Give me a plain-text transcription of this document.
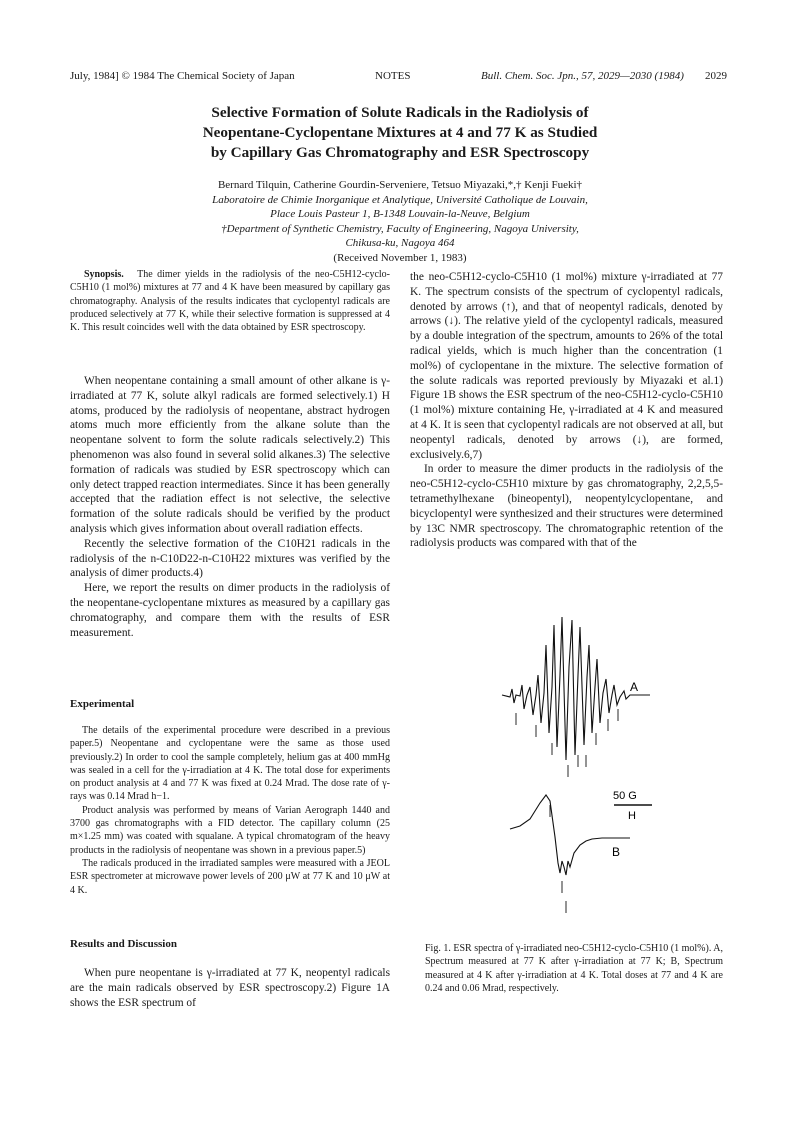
July, 1984] © 1984 The Chemical Society of Japan	NOTES	Bull. Chem. Soc. Jpn., 57, 2029—2030 (1984) 2029
Selective Formation of Solute Radicals in the Radiolysis of
Neopentane-Cyclopentane Mixtures at 4 and 77 K as Studied
by Capillary Gas Chromatography and ESR Spectroscopy
Bernard Tilquin, Catherine Gourdin-Serveniere, Tetsuo Miyazaki,*,† Kenji Fueki†
Laboratoire de Chimie Inorganique et Analytique, Université Catholique de Louvain,
Place Louis Pasteur 1, B-1348 Louvain-la-Neuve, Belgium
†Department of Synthetic Chemistry, Faculty of Engineering, Nagoya University,
Chikusa-ku, Nagoya 464
(Received November 1, 1983)

Synopsis. The dimer yields in the radiolysis of the neo-C5H12-cyclo-C5H10 (1 mol%) mixtures at 77 and 4 K have been measured by capillary gas chromatography. Analysis of the results indicates that cyclopentyl radicals are produced selectively at 77 K, while their selective formation is suppressed at 4 K. This result coincides well with the data obtained by ESR spectroscopy.

When neopentane containing a small amount of other alkane is γ-irradiated at 77 K, solute alkyl radicals are formed selectively.1) H atoms, produced by the radiolysis of neopentane, abstract hydrogen atoms much more efficiently from the alkane solute than the neopentane solvent to form the solute radicals selectively.2) This phenomenon was also found in several solid alkanes.3) The selective formation of radicals was studied by ESR spectroscopy which can only detect trapped reaction intermediates. Since it has been generally accepted that the radiation effect is not selective, the selective formation of the solute radicals should be verified by the product analysis which gives information about overall radiation effects.

Recently the selective formation of the C10H21 radicals in the radiolysis of the n-C10D22-n-C10H22 mixtures was verified by the analysis of dimer products.4)

Here, we report the results on dimer products in the radiolysis of the neopentane-cyclopentane mixtures as measured by a capillary gas chromatography, and compare them with the results of ESR measurement.

Experimental

The details of the experimental procedure were described in a previous paper.5) Neopentane and cyclopentane were the same as those used previously.2) In order to cool the sample completely, helium gas at 400 mmHg was sealed in a cell for the γ-irradiation at 4 K. The total dose for experiments on product analysis at 4 and 77 K was fixed at 0.24 Mrad. The dose rate of γ-rays was 0.14 Mrad h−1.

Product analysis was performed by means of Varian Aerograph 1440 and 3700 gas chromatographs with a FID detector. The capillary column (25 m×1.25 mm) was coated with squalane. A typical chromatogram of the heavy products in the radiolysis of neopentane was shown in a previous paper.5)

The radicals produced in the irradiated samples were measured with a JEOL ESR spectrometer at microwave power levels of 200 μW at 77 K and 10 μW at 4 K.

Results and Discussion

When pure neopentane is γ-irradiated at 77 K, neopentyl radicals are the main radicals observed by ESR spectroscopy.2) Figure 1A shows the ESR spectrum of

the neo-C5H12-cyclo-C5H10 (1 mol%) mixture γ-irradiated at 77 K. The spectrum consists of the spectrum of cyclopentyl radicals, denoted by arrows (↑), and that of neopentyl radicals, denoted by arrows (↓). The relative yield of the cyclopentyl radicals, measured by a double integration of the spectrum, amounts to 26% of the total radical yields, which is much higher than the concentration (1 mol%) of cyclopentane in the mixture. The selective formation of the solute radicals was reported previously by Miyazaki et al.1) Figure 1B shows the ESR spectrum of the neo-C5H12-cyclo-C5H10 (1 mol%) mixture containing He, γ-irradiated at 4 K and measured at 4 K. It is seen that cyclopentyl radicals are not observed at all, but neopentyl radicals, denoted by arrows (↓), are formed, exclusively.6,7)

In order to measure the dimer products in the radiolysis of the neo-C5H12-cyclo-C5H10 mixture by gas chromatography, 2,2,5,5-tetramethylhexane (bineopentyl), neopentylcyclopentane, and bicyclopentyl were synthesized and their structures were determined by 13C NMR spectroscopy. The chromatographic retention of the radiolysis products was compared with that of the

A
50 G
H
B
Fig. 1. ESR spectra of γ-irradiated neo-C5H12-cyclo-C5H10 (1 mol%). A, Spectrum measured at 77 K after γ-irradiation at 77 K; B, Spectrum measured at 4 K after γ-irradiation at 4 K. Total doses at 77 and 4 K are 0.24 and 0.06 Mrad, respectively.
